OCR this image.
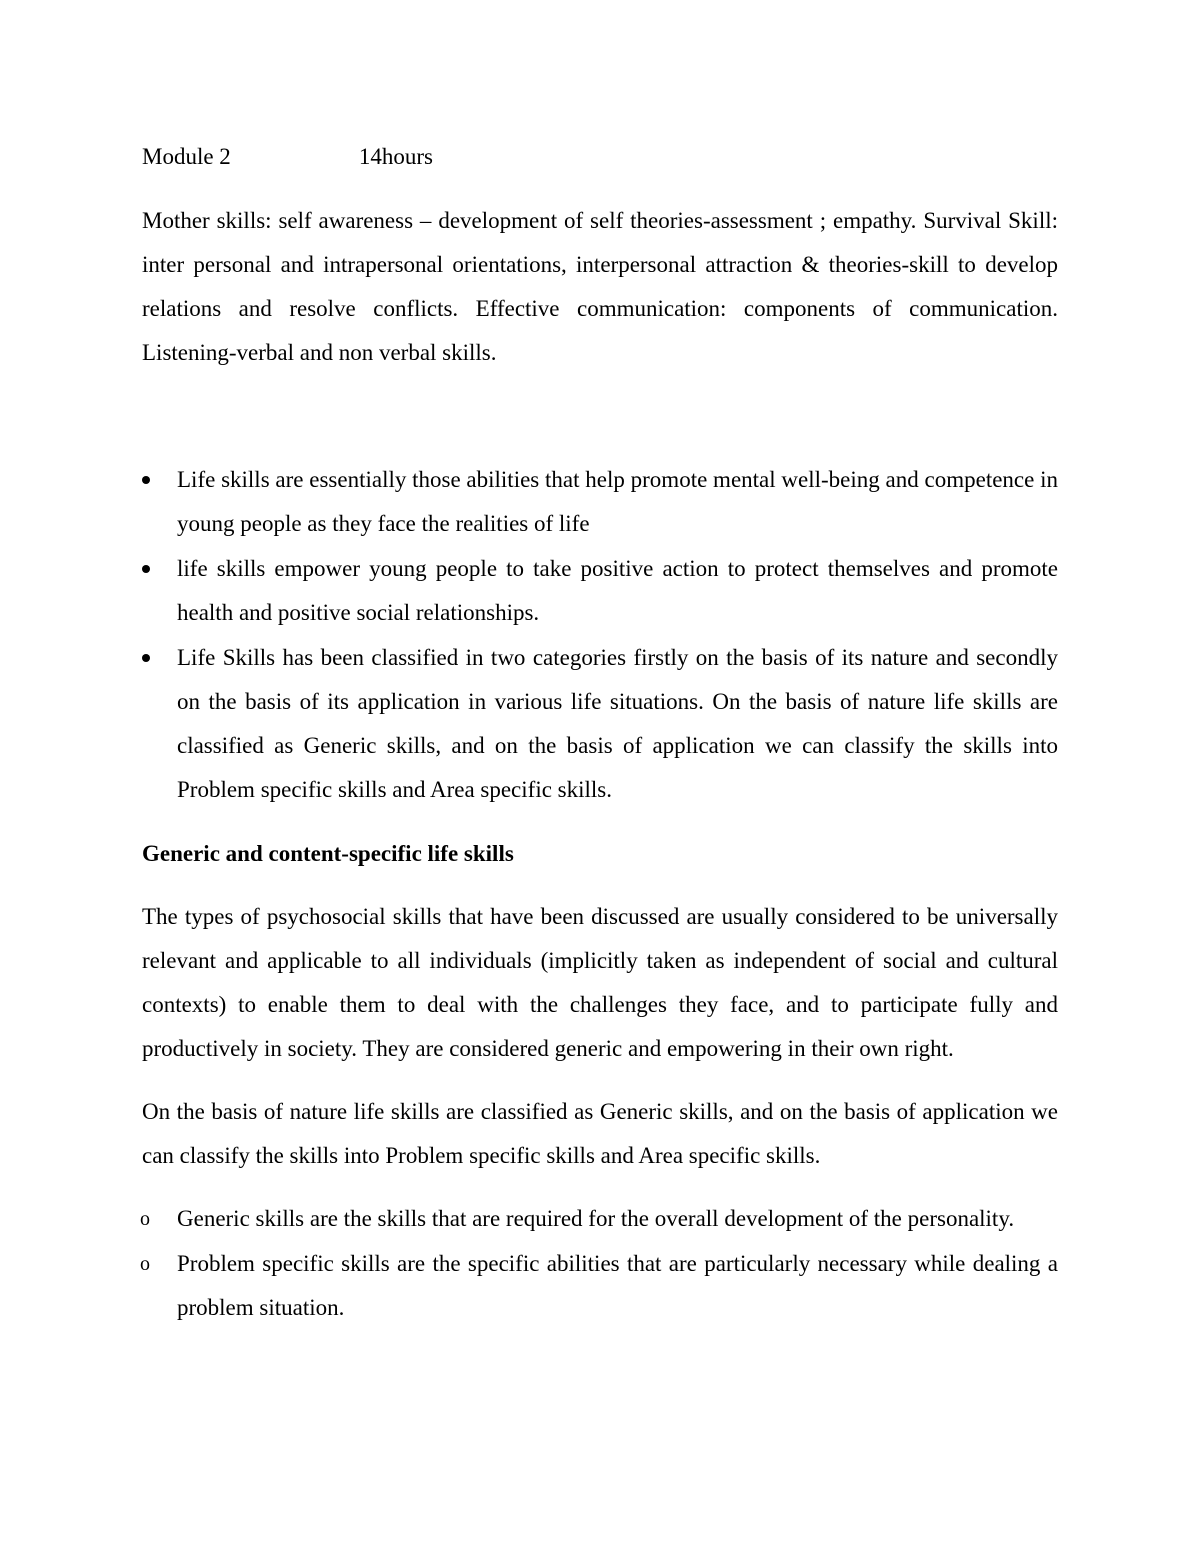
Module 2	14hours

Mother skills: self awareness – development of self theories-assessment ; empathy. Survival Skill: inter personal and intrapersonal orientations, interpersonal attraction & theories-skill to develop relations and resolve conflicts. Effective communication: components of communication. Listening-verbal and non verbal skills.

Life skills are essentially those abilities that help promote mental well-being and competence in young people as they face the realities of life
life skills empower young people to take positive action to protect themselves and promote health and positive social relationships.
Life Skills has been classified in two categories firstly on the basis of its nature and secondly on the basis of its application in various life situations. On the basis of nature life skills are classified as Generic skills, and on the basis of application we can classify the skills into Problem specific skills and Area specific skills.

Generic and content-specific life skills

The types of psychosocial skills that have been discussed are usually considered to be universally relevant and applicable to all individuals (implicitly taken as independent of social and cultural contexts) to enable them to deal with the challenges they face, and to participate fully and productively in society. They are considered generic and empowering in their own right.

On the basis of nature life skills are classified as Generic skills, and on the basis of application we can classify the skills into Problem specific skills and Area specific skills.

o Generic skills are the skills that are required for the overall development of the personality.
o Problem specific skills are the specific abilities that are particularly necessary while dealing a problem situation.
